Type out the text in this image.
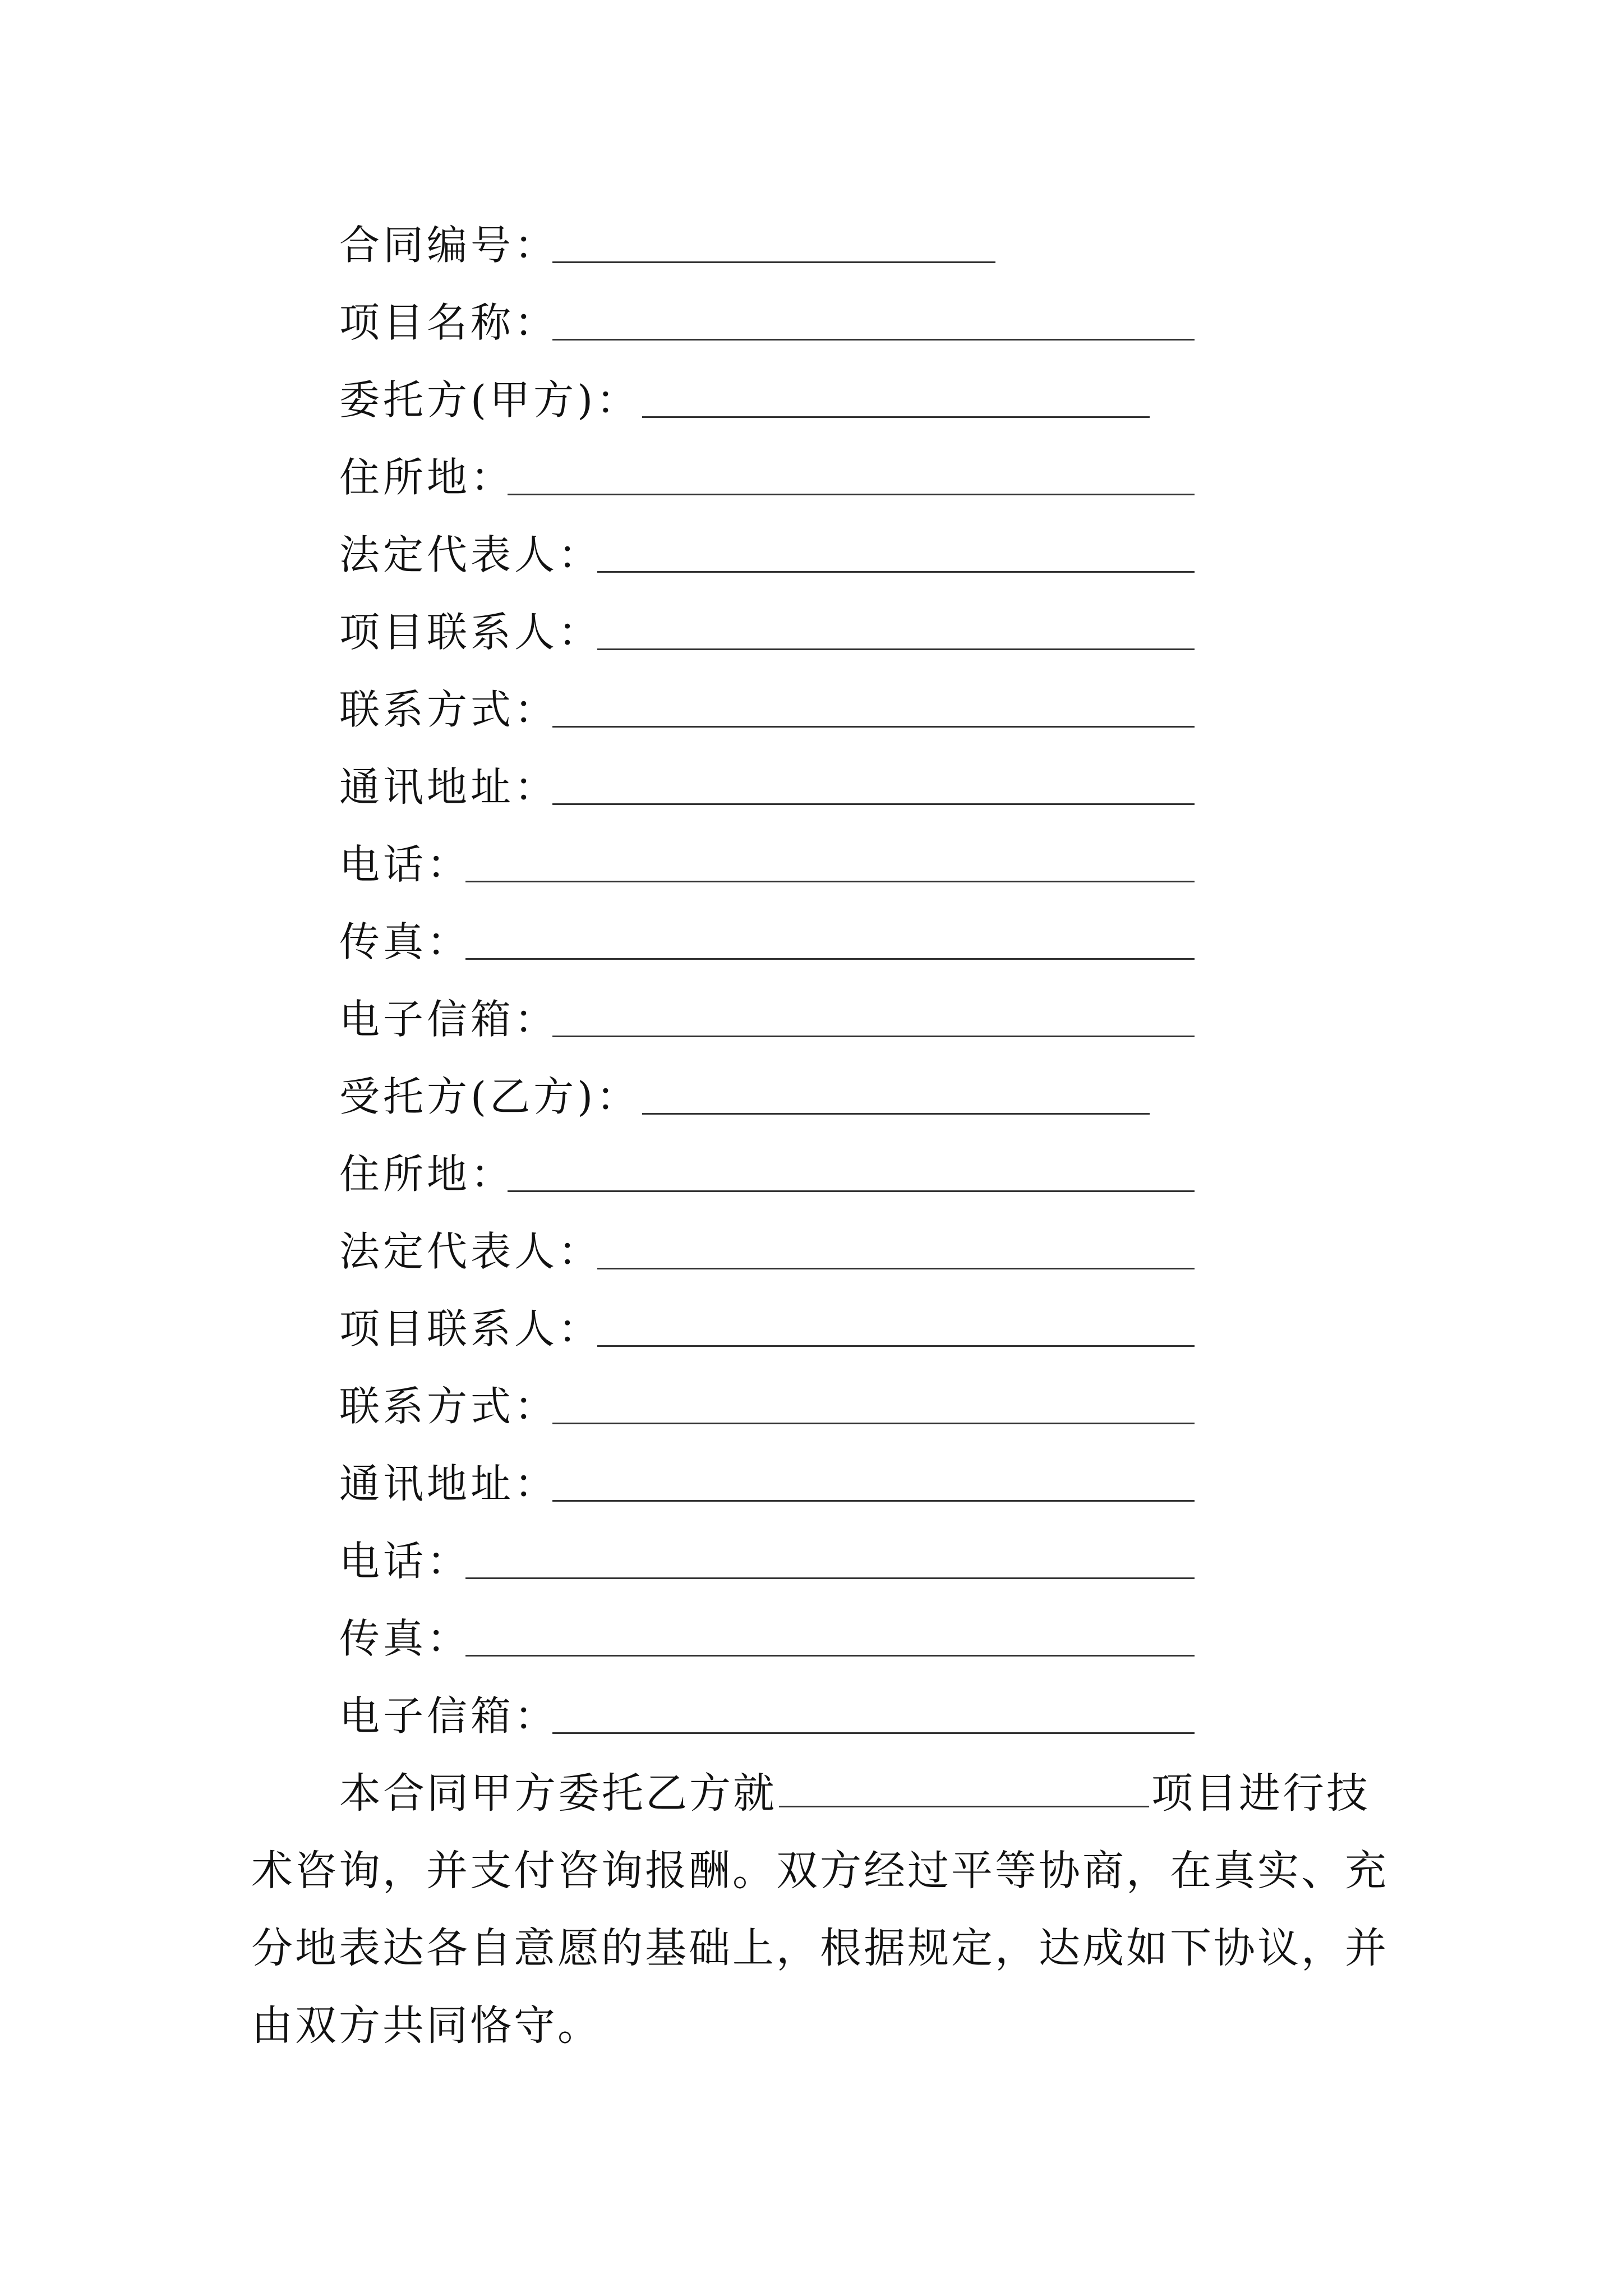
合同编号：
项目名称：
委托方(甲方)：
住所地：
法定代表人：
项目联系人：
联系方式：
通讯地址：
电话：
传真：
电子信箱：
受托方(乙方)：
住所地：
法定代表人：
项目联系人：
联系方式：
通讯地址：
电话：
传真：
电子信箱：
本合同甲方委托乙方就	项目进行技
术咨询，并支付咨询报酬。双方经过平等协商，在真实、充
分地表达各自意愿的基础上，根据规定，达成如下协议，并
由双方共同恪守。
